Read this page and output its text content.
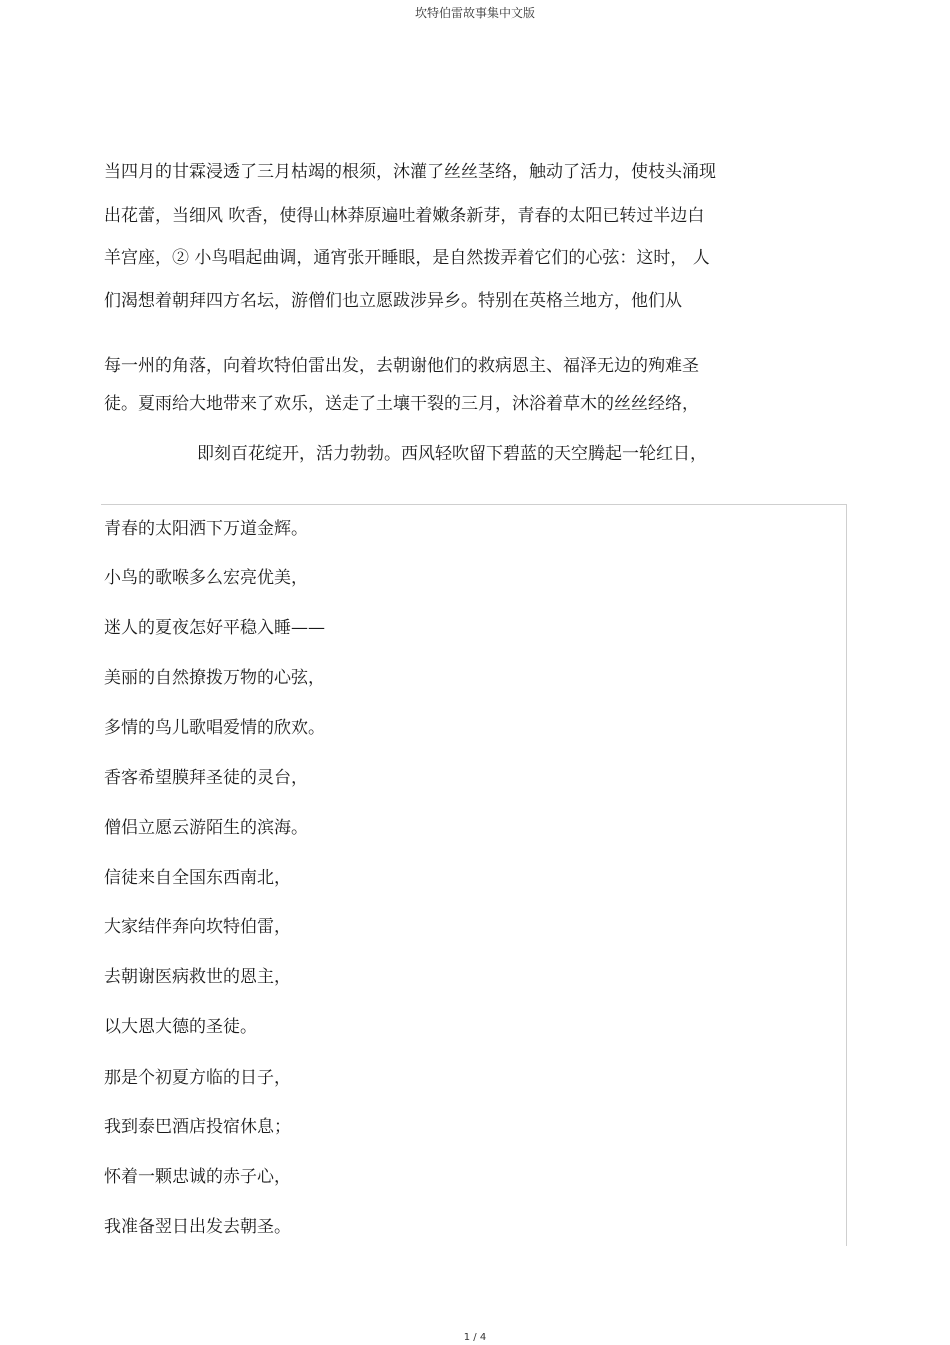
坎特伯雷故事集中文版
当四月的甘霖浸透了三月枯竭的根须，沐灌了丝丝茎络，触动了活力，使枝头涌现
出花蕾，当细风 吹香，使得山林莽原遍吐着嫩条新芽，青春的太阳已转过半边白
羊宫座，② 小鸟唱起曲调，通宵张开睡眼，是自然拨弄着它们的心弦：这时， 人
们渴想着朝拜四方名坛，游僧们也立愿跋涉异乡。特别在英格兰地方，他们从
每一州的角落，向着坎特伯雷出发，去朝谢他们的救病恩主、福泽无边的殉难圣
徒。夏雨给大地带来了欢乐，送走了土壤干裂的三月，沐浴着草木的丝丝经络，
即刻百花绽开，活力勃勃。西风轻吹留下碧蓝的天空腾起一轮红日，
青春的太阳洒下万道金辉。
小鸟的歌喉多么宏亮优美，
迷人的夏夜怎好平稳入睡——
美丽的自然撩拨万物的心弦，
多情的鸟儿歌唱爱情的欣欢。
香客希望膜拜圣徒的灵台，
僧侣立愿云游陌生的滨海。
信徒来自全国东西南北，
大家结伴奔向坎特伯雷，
去朝谢医病救世的恩主，
以大恩大德的圣徒。
那是个初夏方临的日子，
我到泰巴酒店投宿休息；
怀着一颗忠诚的赤子心，
我准备翌日出发去朝圣。
1 / 4
